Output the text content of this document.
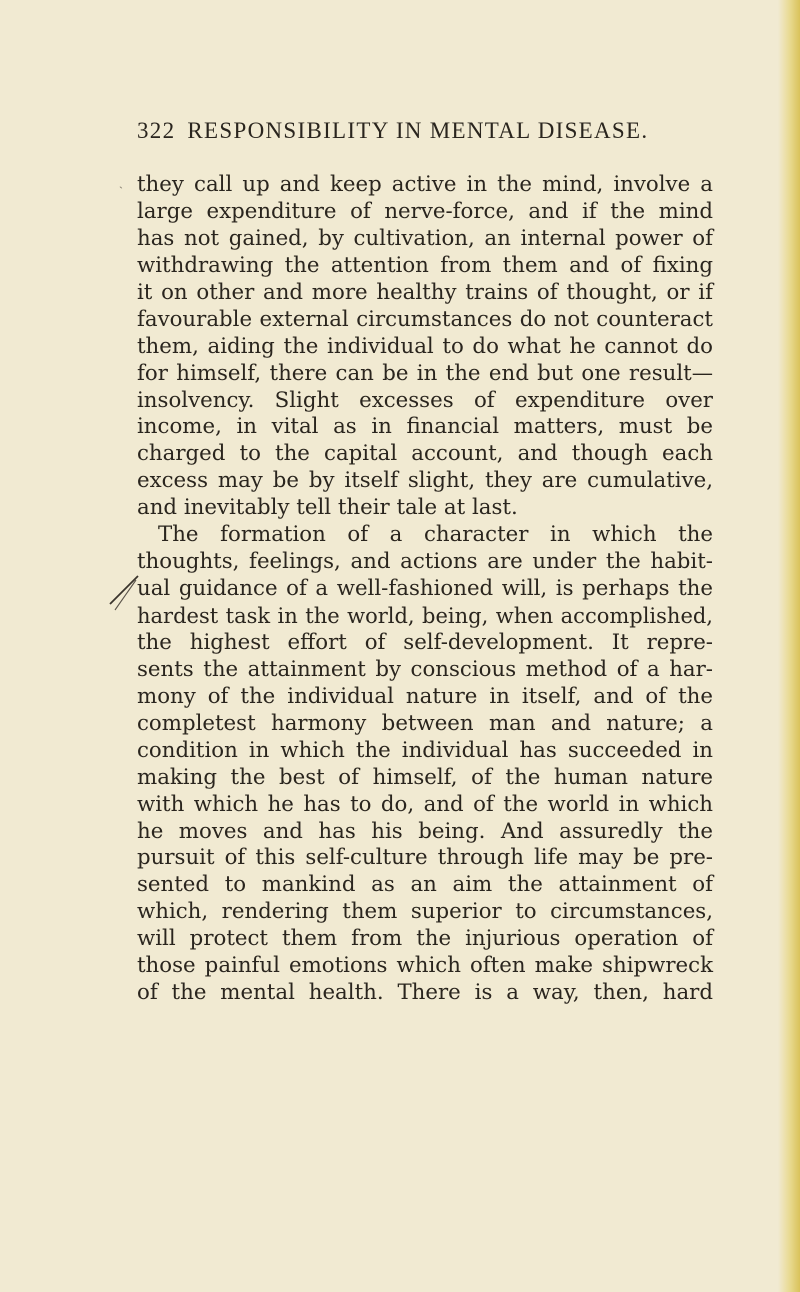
ˎ
322 RESPONSIBILITY IN MENTAL DISEASE.
they call up and keep active in the mind, involve a
large expenditure of nerve-force, and if the mind
has not gained, by cultivation, an internal power of
withdrawing the attention from them and of fixing
it on other and more healthy trains of thought, or if
favourable external circumstances do not counteract
them, aiding the individual to do what he cannot do
for himself, there can be in the end but one result—
insolvency. Slight excesses of expenditure over
income, in vital as in financial matters, must be
charged to the capital account, and though each
excess may be by itself slight, they are cumulative,
and inevitably tell their tale at last.
The formation of a character in which the
thoughts, feelings, and actions are under the habit-
ual guidance of a well-fashioned will, is perhaps the
hardest task in the world, being, when accomplished,
the highest effort of self-development. It repre-
sents the attainment by conscious method of a har-
mony of the individual nature in itself, and of the
completest harmony between man and nature; a
condition in which the individual has succeeded in
making the best of himself, of the human nature
with which he has to do, and of the world in which
he moves and has his being. And assuredly the
pursuit of this self-culture through life may be pre-
sented to mankind as an aim the attainment of
which, rendering them superior to circumstances,
will protect them from the injurious operation of
those painful emotions which often make shipwreck
of the mental health. There is a way, then, hard
